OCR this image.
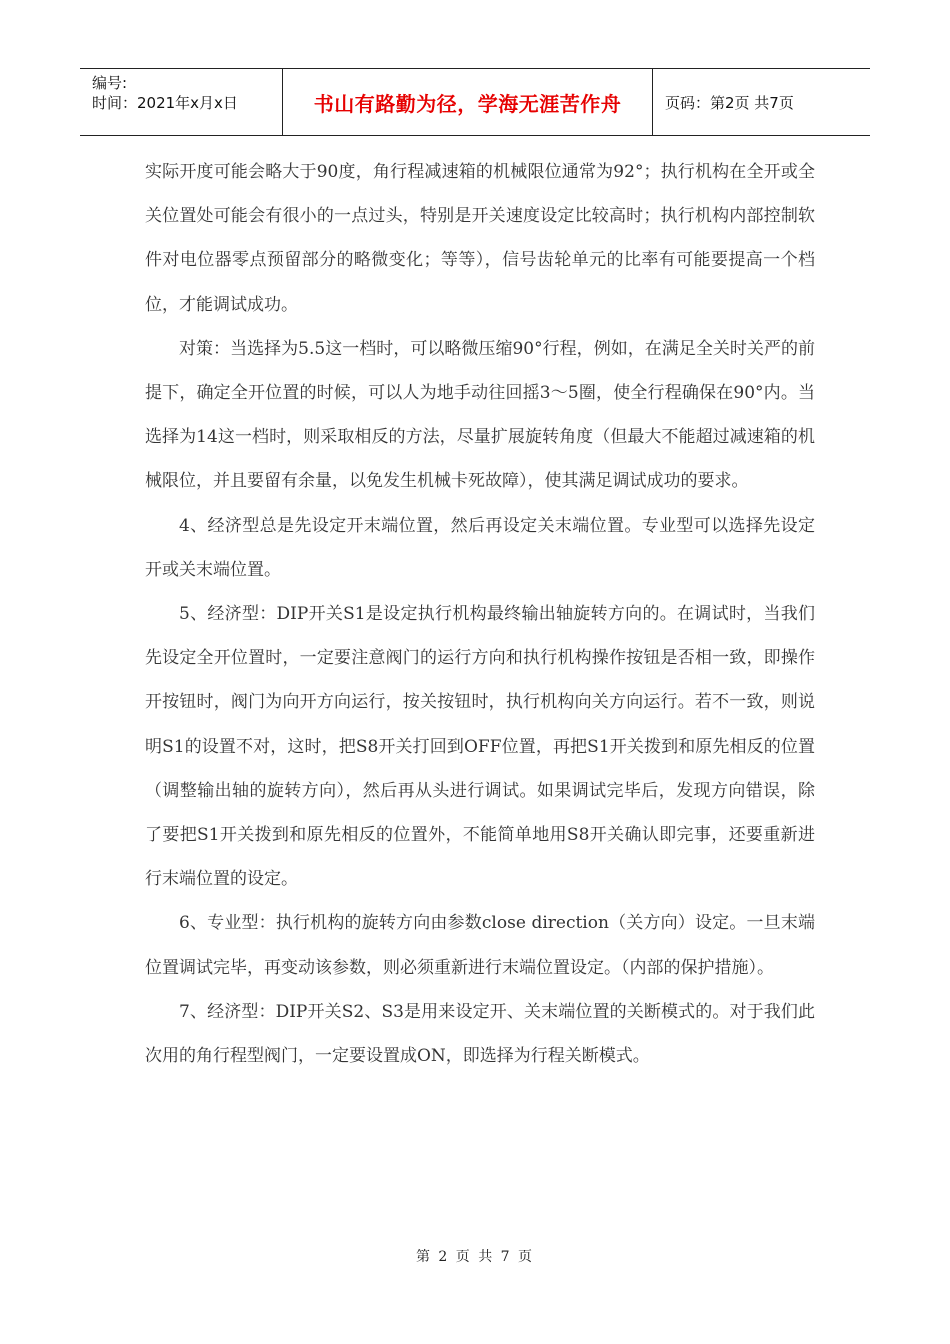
编号:
时间：2021年x月x日	书山有路勤为径，学海无涯苦作舟	页码：第2页 共7页

实际开度可能会略大于90度，角行程减速箱的机械限位通常为92°；执行机构在全开或全关位置处可能会有很小的一点过头，特别是开关速度设定比较高时；执行机构内部控制软件对电位器零点预留部分的略微变化；等等），信号齿轮单元的比率有可能要提高一个档位，才能调试成功。

对策：当选择为5.5这一档时，可以略微压缩90°行程，例如，在满足全关时关严的前提下，确定全开位置的时候，可以人为地手动往回摇3～5圈，使全行程确保在90°内。当选择为14这一档时，则采取相反的方法，尽量扩展旋转角度（但最大不能超过减速箱的机械限位，并且要留有余量，以免发生机械卡死故障），使其满足调试成功的要求。

4、经济型总是先设定开末端位置，然后再设定关末端位置。专业型可以选择先设定开或关末端位置。

5、经济型：DIP开关S1是设定执行机构最终输出轴旋转方向的。在调试时，当我们先设定全开位置时，一定要注意阀门的运行方向和执行机构操作按钮是否相一致，即操作开按钮时，阀门为向开方向运行，按关按钮时，执行机构向关方向运行。若不一致，则说明S1的设置不对，这时，把S8开关打回到OFF位置，再把S1开关拨到和原先相反的位置（调整输出轴的旋转方向），然后再从头进行调试。如果调试完毕后，发现方向错误，除了要把S1开关拨到和原先相反的位置外，不能简单地用S8开关确认即完事，还要重新进行末端位置的设定。

6、专业型：执行机构的旋转方向由参数close direction（关方向）设定。一旦末端位置调试完毕，再变动该参数，则必须重新进行末端位置设定。（内部的保护措施）。

7、经济型：DIP开关S2、S3是用来设定开、关末端位置的关断模式的。对于我们此次用的角行程型阀门，一定要设置成ON，即选择为行程关断模式。

第 2 页 共 7 页
